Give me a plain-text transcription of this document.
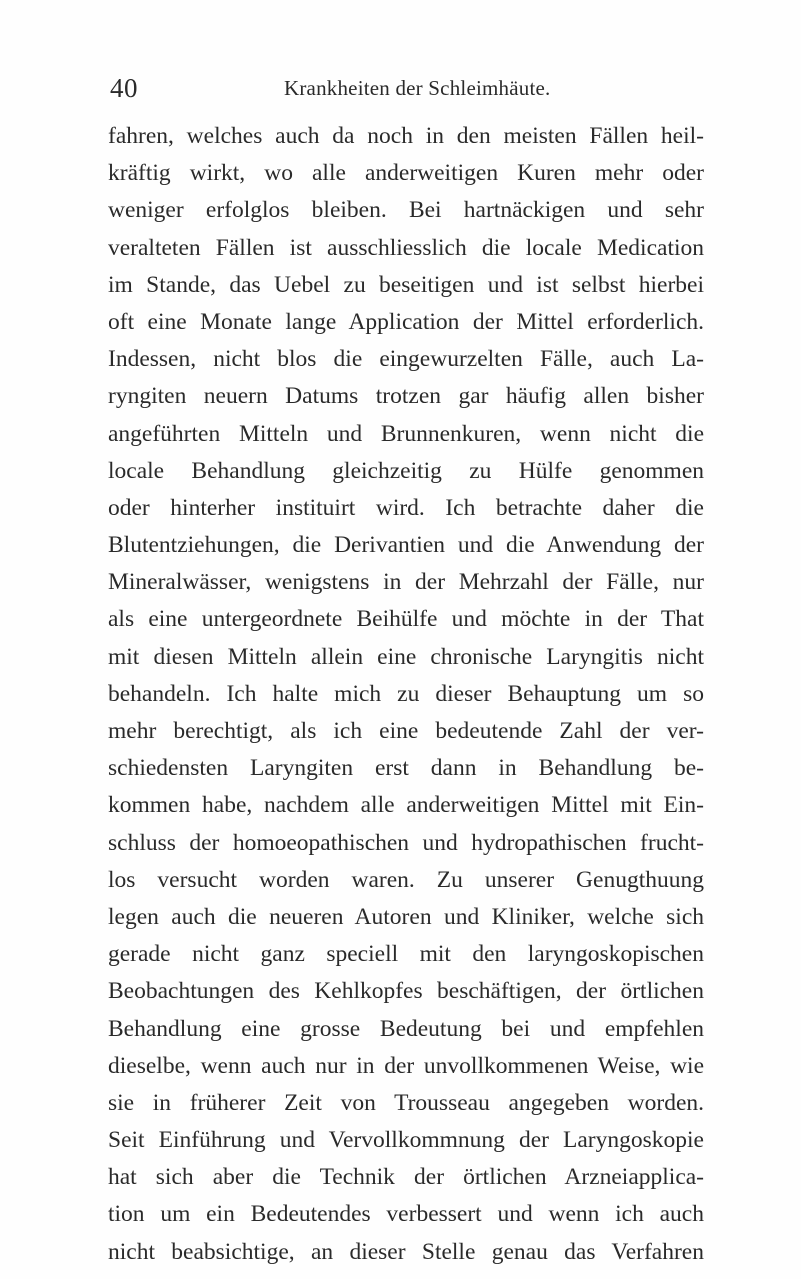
40	Krankheiten der Schleimhäute.
fahren, welches auch da noch in den meisten Fällen heil-
kräftig wirkt, wo alle anderweitigen Kuren mehr oder
weniger erfolglos bleiben. Bei hartnäckigen und sehr
veralteten Fällen ist ausschliesslich die locale Medication
im Stande, das Uebel zu beseitigen und ist selbst hierbei
oft eine Monate lange Application der Mittel erforderlich.
Indessen, nicht blos die eingewurzelten Fälle, auch La-
ryngiten neuern Datums trotzen gar häufig allen bisher
angeführten Mitteln und Brunnenkuren, wenn nicht die
locale Behandlung gleichzeitig zu Hülfe genommen
oder hinterher instituirt wird. Ich betrachte daher die
Blutentziehungen, die Derivantien und die Anwendung der
Mineralwässer, wenigstens in der Mehrzahl der Fälle, nur
als eine untergeordnete Beihülfe und möchte in der That
mit diesen Mitteln allein eine chronische Laryngitis nicht
behandeln. Ich halte mich zu dieser Behauptung um so
mehr berechtigt, als ich eine bedeutende Zahl der ver-
schiedensten Laryngiten erst dann in Behandlung be-
kommen habe, nachdem alle anderweitigen Mittel mit Ein-
schluss der homoeopathischen und hydropathischen frucht-
los versucht worden waren. Zu unserer Genugthuung
legen auch die neueren Autoren und Kliniker, welche sich
gerade nicht ganz speciell mit den laryngoskopischen
Beobachtungen des Kehlkopfes beschäftigen, der örtlichen
Behandlung eine grosse Bedeutung bei und empfehlen
dieselbe, wenn auch nur in der unvollkommenen Weise, wie
sie in früherer Zeit von Trousseau angegeben worden.
Seit Einführung und Vervollkommnung der Laryngoskopie
hat sich aber die Technik der örtlichen Arzneiapplica-
tion um ein Bedeutendes verbessert und wenn ich auch
nicht beabsichtige, an dieser Stelle genau das Verfahren
